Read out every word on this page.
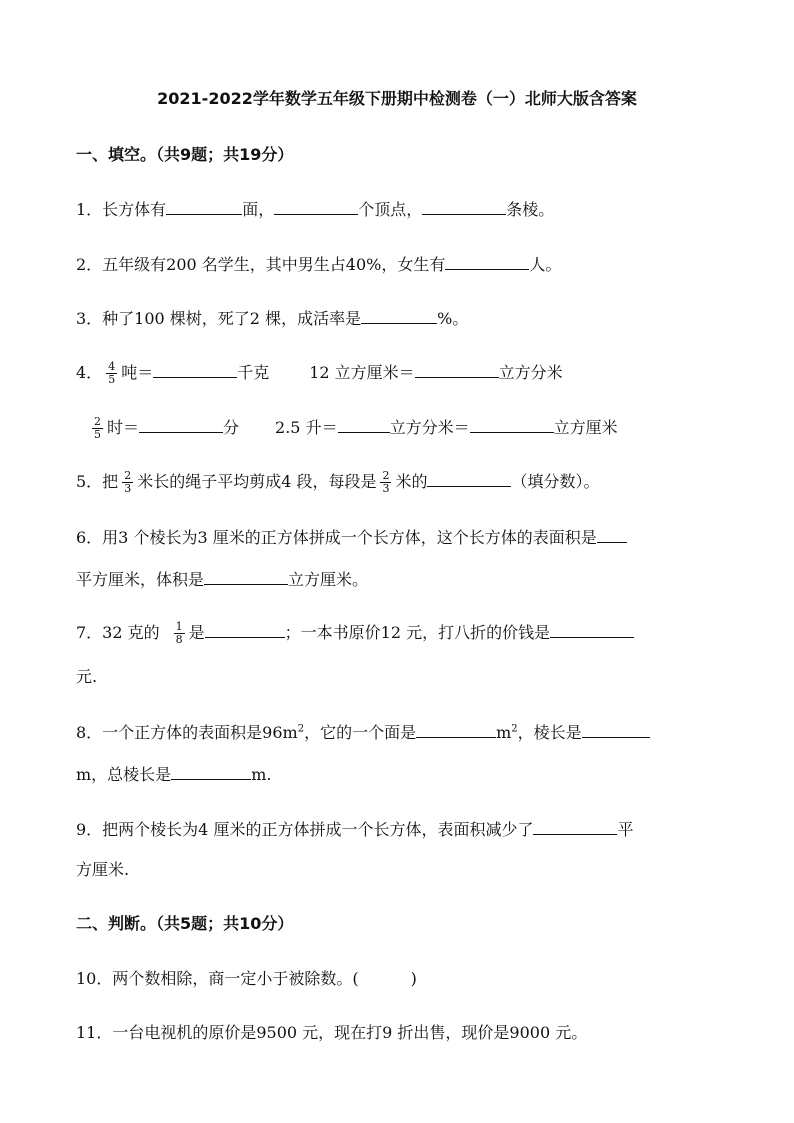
2021-2022学年数学五年级下册期中检测卷（一）北师大版含答案
一、填空。（共9题；共19分）
1．长方体有	面，	个顶点，	条棱。
2．五年级有200 名学生，其中男生占40%，女生有	人。
3．种了100 棵树，死了2 棵，成活率是	%。
4． $\frac{4}{5}$ 吨＝	千克	12 立方厘米＝	立方分米
$\frac{2}{5}$ 时＝	分 2.5 升＝	立方分米＝	立方厘米
5．把 $\frac{2}{3}$ 米长的绳子平均剪成4 段，每段是 $\frac{2}{3}$ 米的	（填分数）。
6．用3 个棱长为3 厘米的正方体拼成一个长方体，这个长方体的表面积是
平方厘米，体积是	立方厘米。
7．32 克的 $\frac{1}{8}$ 是	；一本书原价12 元，打八折的价钱是
元.
8．一个正方体的表面积是$96m^2$，它的一个面是	$m^2$，棱长是
m，总棱长是	m.
9．把两个棱长为4 厘米的正方体拼成一个长方体，表面积减少了	平
方厘米.
二、判断。（共5题；共10分）
10．两个数相除，商一定小于被除数。(	)
11．一台电视机的原价是9500 元，现在打9 折出售，现价是9000 元。
